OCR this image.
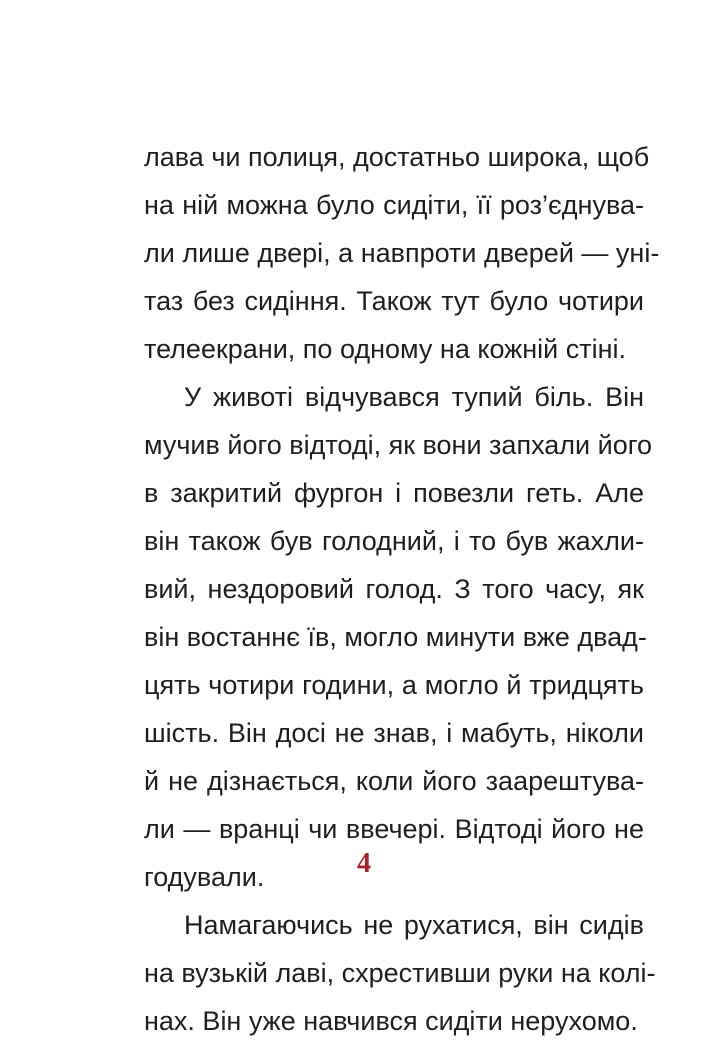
лава чи полиця, достатньо широка, щоб
на ній можна було сидіти, її роз’єднува-
ли лише двері, а навпроти дверей — уні-
таз без сидіння. Також тут було чотири
телеекрани, по одному на кожній стіні.
У животі відчувався тупий біль. Він
мучив його відтоді, як вони запхали його
в закритий фургон і повезли геть. Але
він також був голодний, і то був жахли-
вий, нездоровий голод. З того часу, як
він востаннє їв, могло минути вже двад-
цять чотири години, а могло й тридцять
шість. Він досі не знав, і мабуть, ніколи
й не дізнається, коли його заарештува-
ли — вранці чи ввечері. Відтоді його не
годували.
Намагаючись не рухатися, він сидів
на вузькій лаві, схрестивши руки на колі-
нах. Він уже навчився сидіти нерухомо.
4
